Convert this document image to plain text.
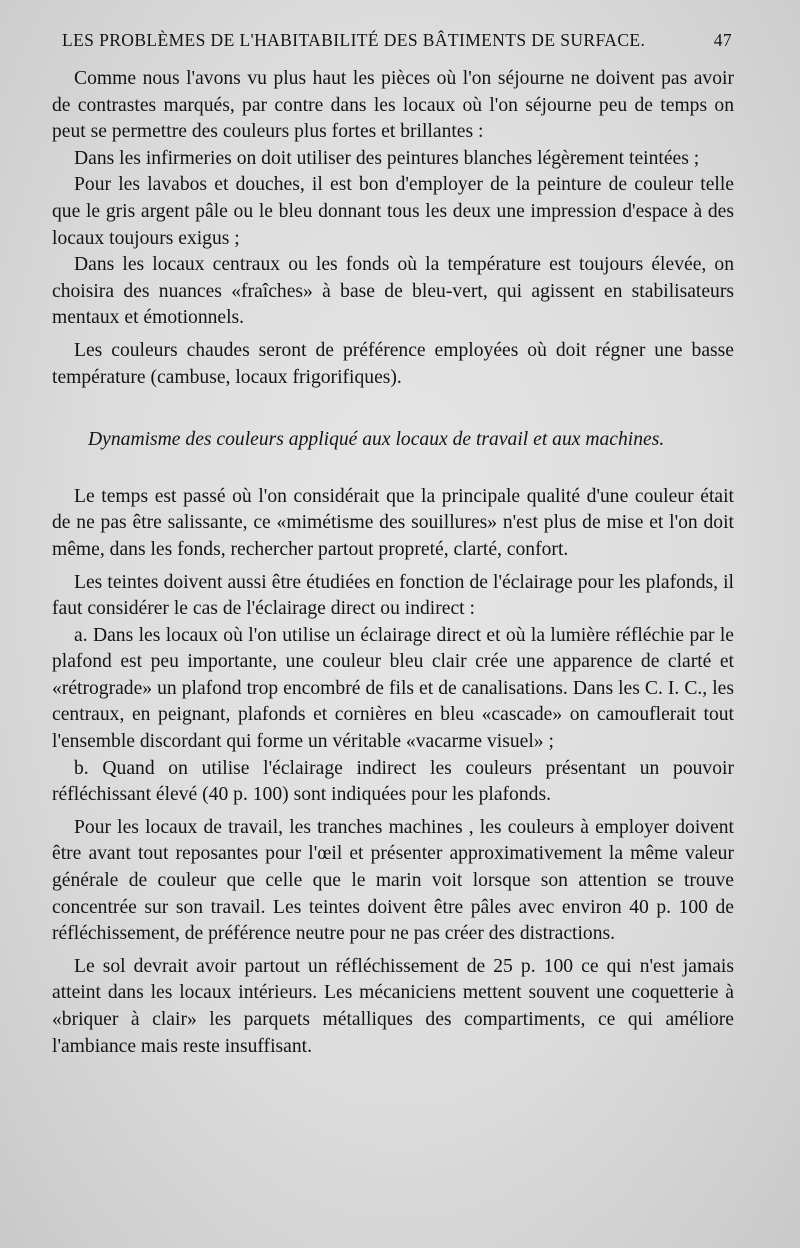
LES PROBLÈMES DE L'HABITABILITÉ DES BÂTIMENTS DE SURFACE.	47

Comme nous l'avons vu plus haut les pièces où l'on séjourne ne doivent pas avoir de contrastes marqués, par contre dans les locaux où l'on séjourne peu de temps on peut se permettre des couleurs plus fortes et brillantes :

Dans les infirmeries on doit utiliser des peintures blanches légèrement teintées ;

Pour les lavabos et douches, il est bon d'employer de la peinture de couleur telle que le gris argent pâle ou le bleu donnant tous les deux une impression d'espace à des locaux toujours exigus ;

Dans les locaux centraux ou les fonds où la température est toujours élevée, on choisira des nuances «fraîches» à base de bleu-vert, qui agissent en stabilisateurs mentaux et émotionnels.

Les couleurs chaudes seront de préférence employées où doit régner une basse température (cambuse, locaux frigorifiques).

Dynamisme des couleurs appliqué aux locaux de travail et aux machines.

Le temps est passé où l'on considérait que la principale qualité d'une couleur était de ne pas être salissante, ce «mimétisme des souillures» n'est plus de mise et l'on doit même, dans les fonds, rechercher partout propreté, clarté, confort.

Les teintes doivent aussi être étudiées en fonction de l'éclairage pour les plafonds, il faut considérer le cas de l'éclairage direct ou indirect :

a. Dans les locaux où l'on utilise un éclairage direct et où la lumière réfléchie par le plafond est peu importante, une couleur bleu clair crée une apparence de clarté et «rétrograde» un plafond trop encombré de fils et de canalisations. Dans les C. I. C., les centraux, en peignant, plafonds et cornières en bleu «cascade» on camouflerait tout l'ensemble discordant qui forme un véritable «vacarme visuel» ;

b. Quand on utilise l'éclairage indirect les couleurs présentant un pouvoir réfléchissant élevé (40 p. 100) sont indiquées pour les plafonds.

Pour les locaux de travail, les tranches machines , les couleurs à employer doivent être avant tout reposantes pour l'œil et présenter approximativement la même valeur générale de couleur que celle que le marin voit lorsque son attention se trouve concentrée sur son travail. Les teintes doivent être pâles avec environ 40 p. 100 de réfléchissement, de préférence neutre pour ne pas créer des distractions.

Le sol devrait avoir partout un réfléchissement de 25 p. 100 ce qui n'est jamais atteint dans les locaux intérieurs. Les mécaniciens mettent souvent une coquetterie à «briquer à clair» les parquets métalliques des compartiments, ce qui améliore l'ambiance mais reste insuffisant.
